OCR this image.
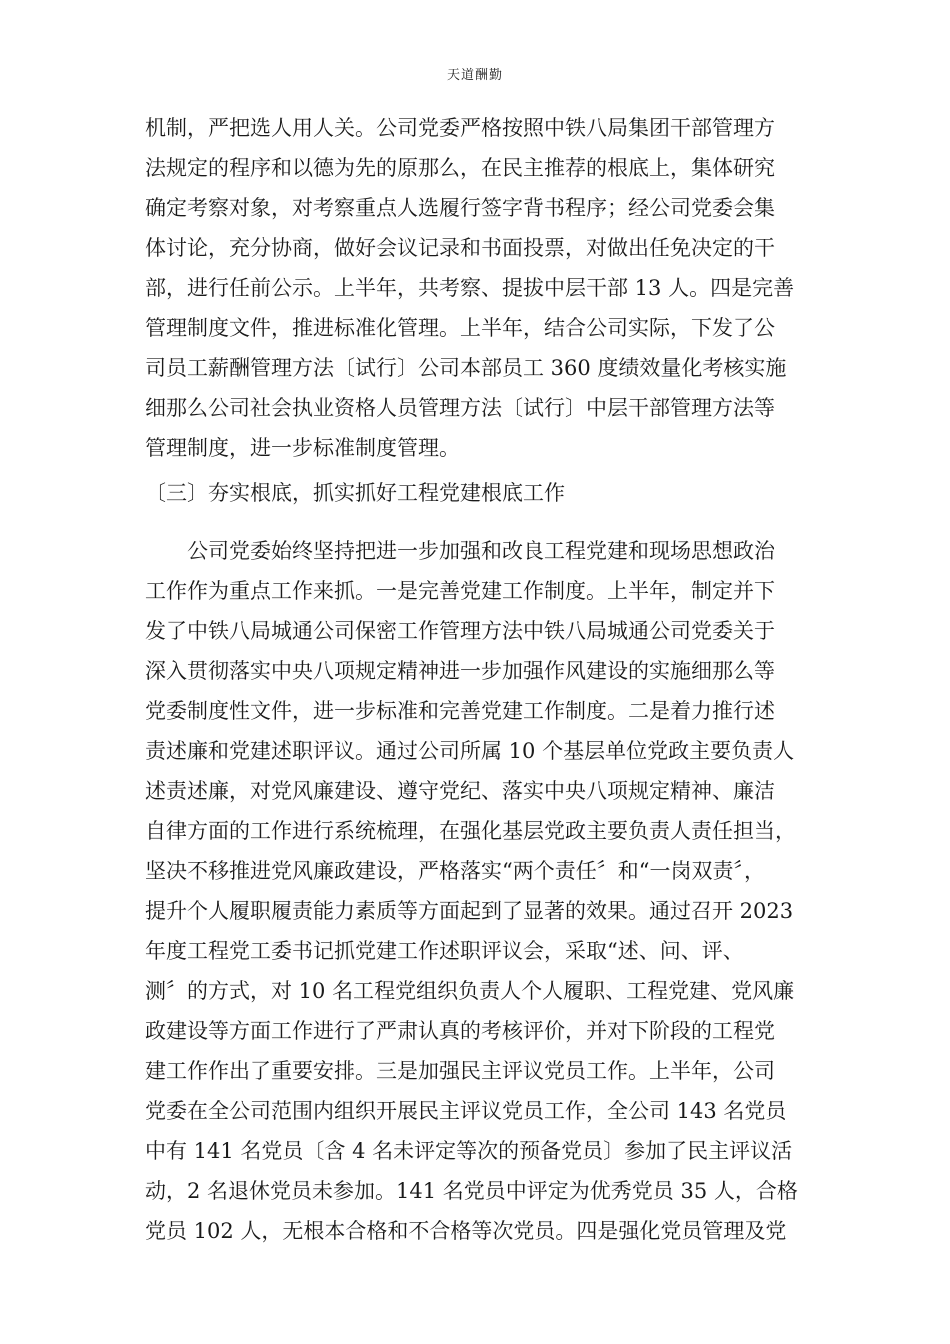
天道酬勤
机制，严把选人用人关。公司党委严格按照中铁八局集团干部管理方
法规定的程序和以德为先的原那么，在民主推荐的根底上，集体研究
确定考察对象，对考察重点人选履行签字背书程序；经公司党委会集
体讨论，充分协商，做好会议记录和书面投票，对做出任免决定的干
部，进行任前公示。上半年，共考察、提拔中层干部 13 人。四是完善
管理制度文件，推进标准化管理。上半年，结合公司实际，下发了公
司员工薪酬管理方法〔试行〕公司本部员工 360 度绩效量化考核实施
细那么公司社会执业资格人员管理方法〔试行〕中层干部管理方法等
管理制度，进一步标准制度管理。
〔三〕夯实根底，抓实抓好工程党建根底工作
　　公司党委始终坚持把进一步加强和改良工程党建和现场思想政治
工作作为重点工作来抓。一是完善党建工作制度。上半年，制定并下
发了中铁八局城通公司保密工作管理方法中铁八局城通公司党委关于
深入贯彻落实中央八项规定精神进一步加强作风建设的实施细那么等
党委制度性文件，进一步标准和完善党建工作制度。二是着力推行述
责述廉和党建述职评议。通过公司所属 10 个基层单位党政主要负责人
述责述廉，对党风廉建设、遵守党纪、落实中央八项规定精神、廉洁
自律方面的工作进行系统梳理，在强化基层党政主要负责人责任担当，
坚决不移推进党风廉政建设，严格落实“两个责任〞和“一岗双责〞，
提升个人履职履责能力素质等方面起到了显著的效果。通过召开 2023
年度工程党工委书记抓党建工作述职评议会，采取“述、问、评、
测〞的方式，对 10 名工程党组织负责人个人履职、工程党建、党风廉
政建设等方面工作进行了严肃认真的考核评价，并对下阶段的工程党
建工作作出了重要安排。三是加强民主评议党员工作。上半年，公司
党委在全公司范围内组织开展民主评议党员工作，全公司 143 名党员
中有 141 名党员〔含 4 名未评定等次的预备党员〕参加了民主评议活
动，2 名退休党员未参加。141 名党员中评定为优秀党员 35 人，合格
党员 102 人，无根本合格和不合格等次党员。四是强化党员管理及党
